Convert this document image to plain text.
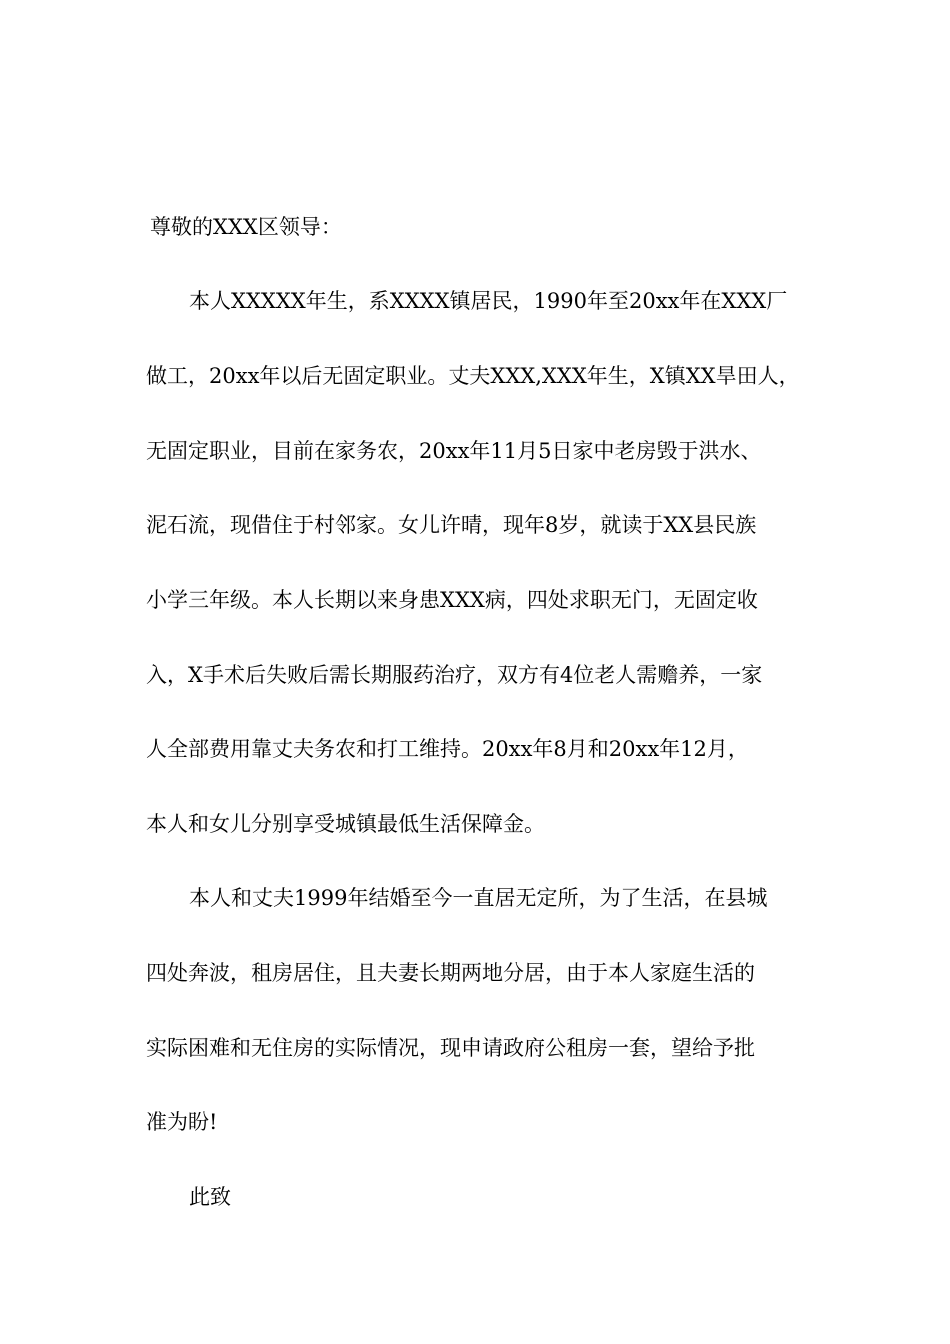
尊敬的XXX区领导：
本人XXXXX年生，系XXXX镇居民，1990年至20xx年在XXX厂
做工，20xx年以后无固定职业。丈夫XXX,XXX年生，X镇XX旱田人，
无固定职业，目前在家务农，20xx年11月5日家中老房毁于洪水、
泥石流，现借住于村邻家。女儿许晴，现年8岁，就读于XX县民族
小学三年级。本人长期以来身患XXX病，四处求职无门，无固定收
入，X手术后失败后需长期服药治疗，双方有4位老人需赡养，一家
人全部费用靠丈夫务农和打工维持。20xx年8月和20xx年12月，
本人和女儿分别享受城镇最低生活保障金。
本人和丈夫1999年结婚至今一直居无定所，为了生活，在县城
四处奔波，租房居住，且夫妻长期两地分居，由于本人家庭生活的
实际困难和无住房的实际情况，现申请政府公租房一套，望给予批
准为盼!
此致
